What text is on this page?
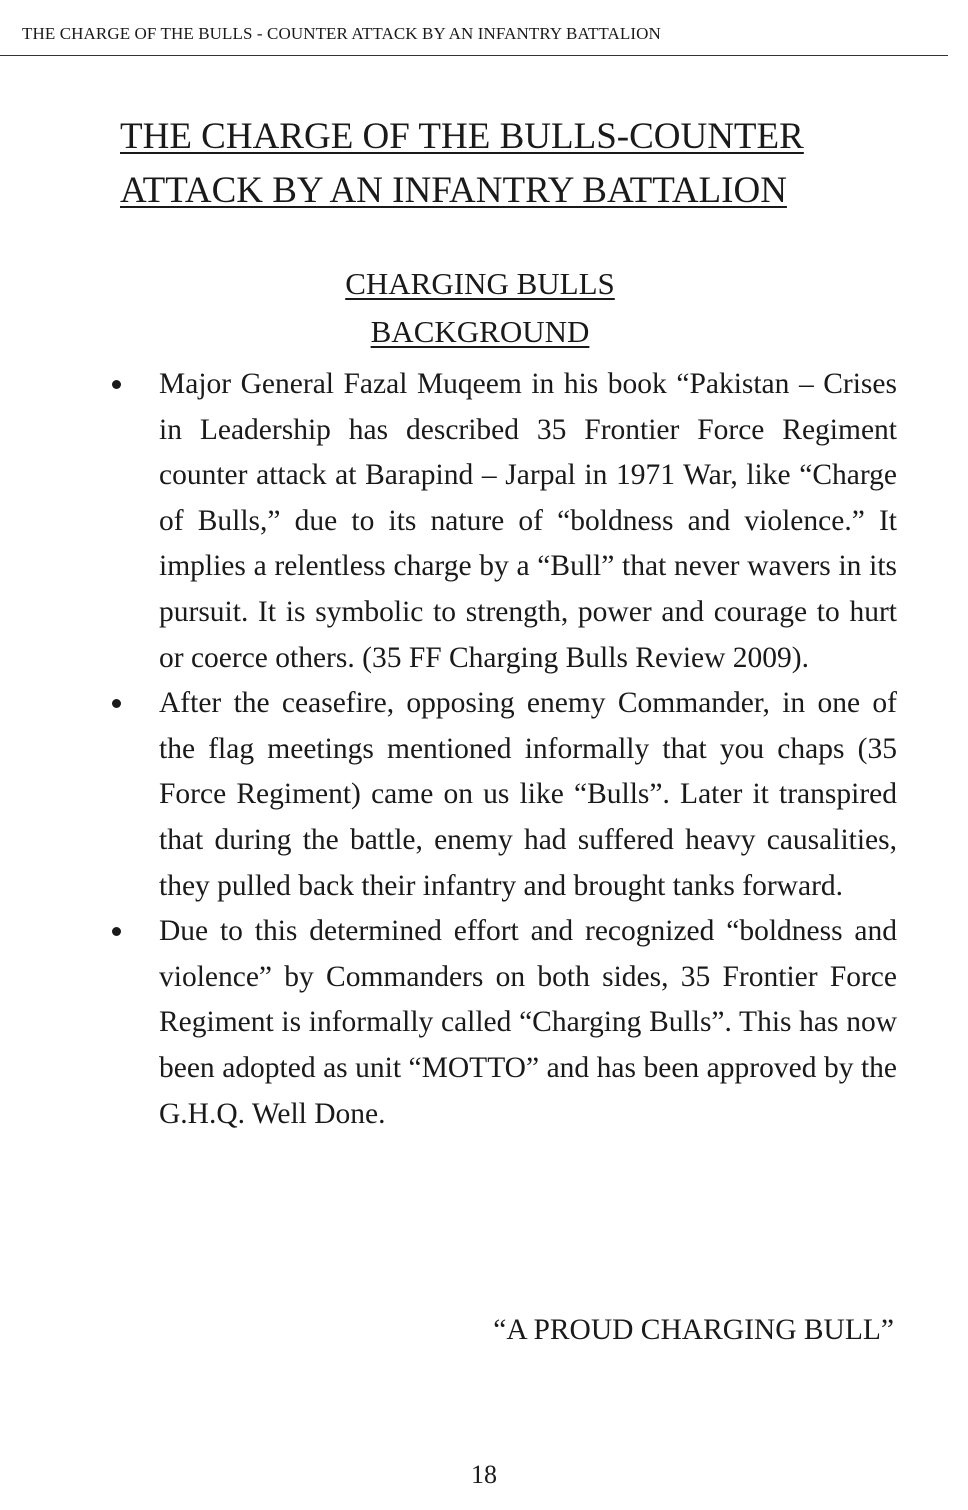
THE CHARGE OF THE BULLS - COUNTER ATTACK BY AN INFANTRY BATTALION
THE CHARGE OF THE BULLS-COUNTER
ATTACK BY AN INFANTRY BATTALION
CHARGING BULLS
BACKGROUND
Major General Fazal Muqeem in his book “Pakistan – Crises in Leadership has described 35 Frontier Force Regiment counter attack at Barapind – Jarpal in 1971 War, like “Charge of Bulls,” due to its nature of “boldness and violence.” It implies a relentless charge by a “Bull” that never wavers in its pursuit. It is symbolic to strength, power and courage to hurt or coerce others. (35 FF Charging Bulls Review 2009).
After the ceasefire, opposing enemy Commander, in one of the flag meetings mentioned informally that you chaps (35 Force Regiment) came on us like “Bulls”. Later it transpired that during the battle, enemy had suffered heavy causalities, they pulled back their infantry and brought tanks forward.
Due to this determined effort and recognized “boldness and violence” by Commanders on both sides, 35 Frontier Force Regiment is informally called “Charging Bulls”. This has now been adopted as unit “MOTTO” and has been approved by the G.H.Q. Well Done.
“A PROUD CHARGING BULL”
18
